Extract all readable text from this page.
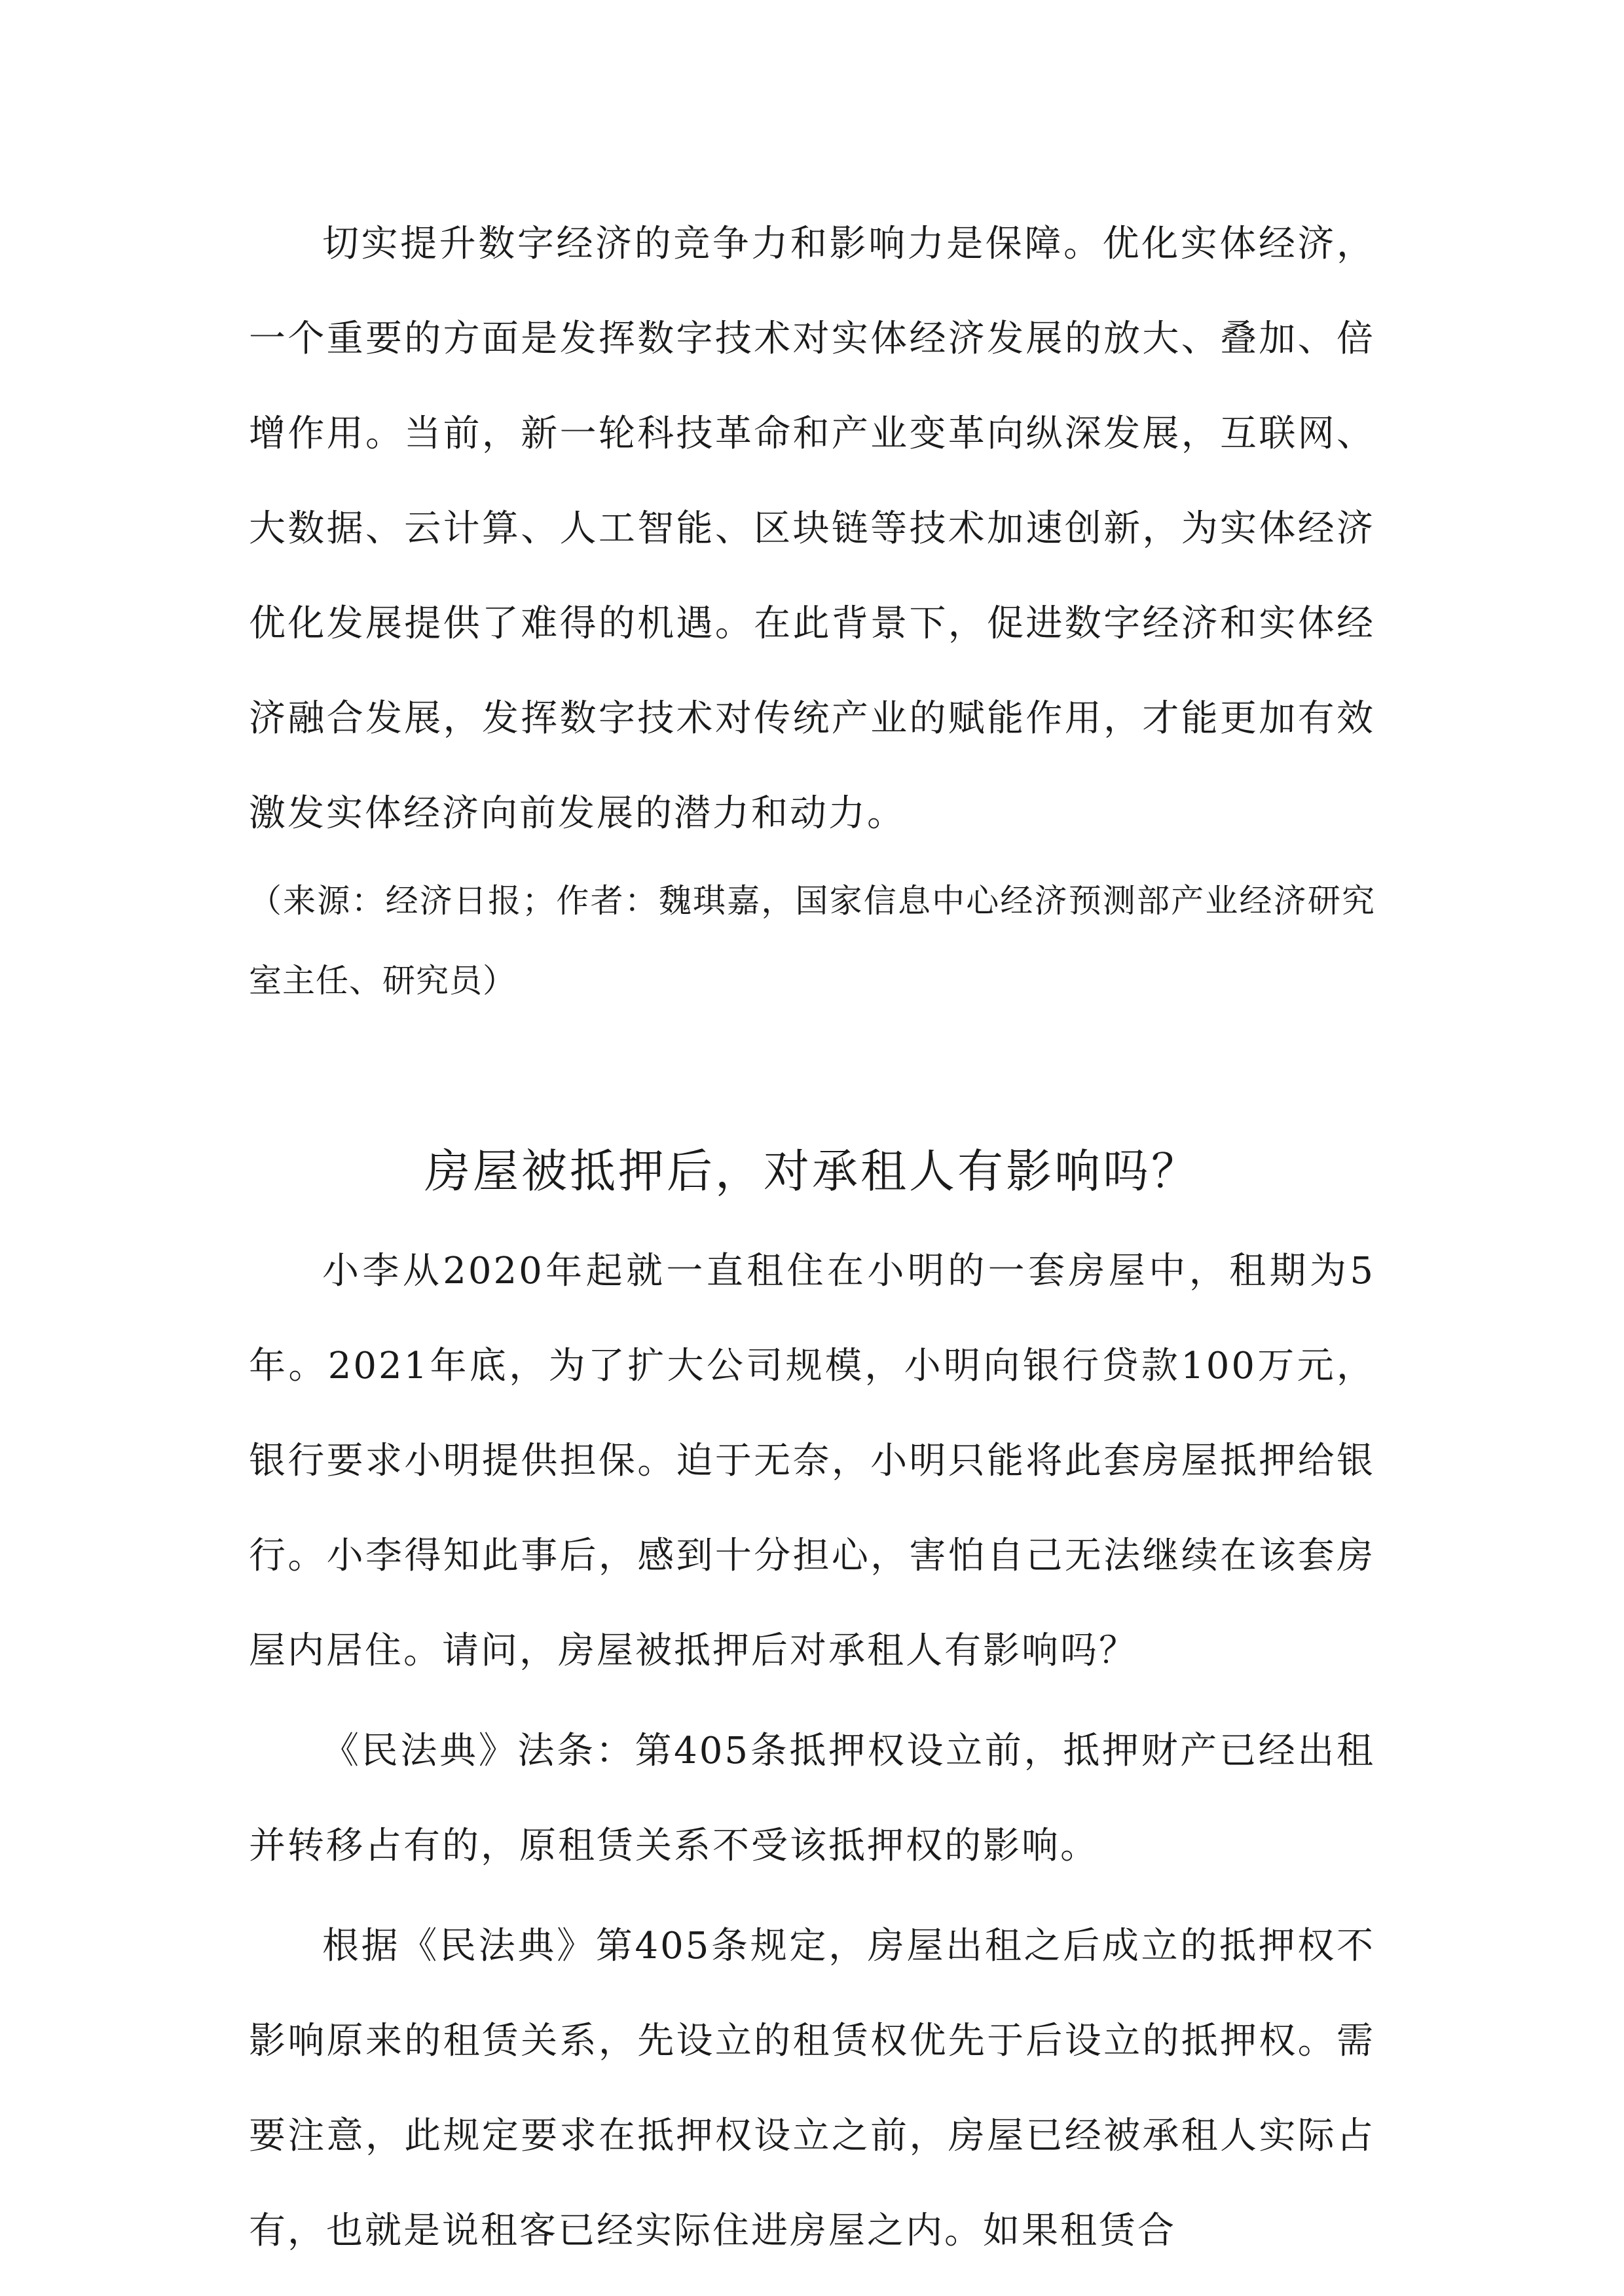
切实提升数字经济的竞争力和影响力是保障。优化实体经济，一个重要的方面是发挥数字技术对实体经济发展的放大、叠加、倍增作用。当前，新一轮科技革命和产业变革向纵深发展，互联网、大数据、云计算、人工智能、区块链等技术加速创新，为实体经济优化发展提供了难得的机遇。在此背景下，促进数字经济和实体经济融合发展，发挥数字技术对传统产业的赋能作用，才能更加有效激发实体经济向前发展的潜力和动力。

（来源：经济日报；作者：魏琪嘉，国家信息中心经济预测部产业经济研究室主任、研究员）

房屋被抵押后，对承租人有影响吗？

小李从2020年起就一直租住在小明的一套房屋中，租期为5年。2021年底，为了扩大公司规模，小明向银行贷款100万元，银行要求小明提供担保。迫于无奈，小明只能将此套房屋抵押给银行。小李得知此事后，感到十分担心，害怕自己无法继续在该套房屋内居住。请问，房屋被抵押后对承租人有影响吗？

《民法典》法条：第405条抵押权设立前，抵押财产已经出租并转移占有的，原租赁关系不受该抵押权的影响。

根据《民法典》第405条规定，房屋出租之后成立的抵押权不影响原来的租赁关系，先设立的租赁权优先于后设立的抵押权。需要注意，此规定要求在抵押权设立之前，房屋已经被承租人实际占有，也就是说租客已经实际住进房屋之内。如果租赁合
